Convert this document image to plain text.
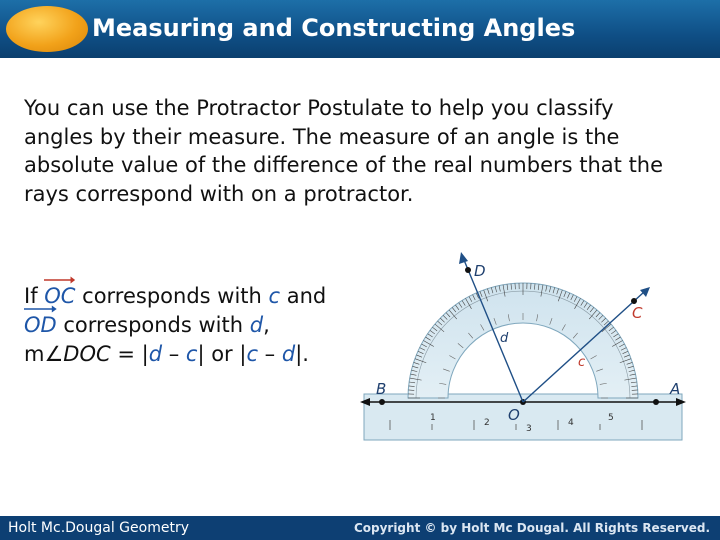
Measuring and Constructing Angles
You can use the Protractor Postulate to help you classify angles by their measure. The measure of an angle is the absolute value of the difference of the real numbers that the rays correspond with on a protractor.
If
OC corresponds with c and

OD corresponds with d,
m∠DOC = |d – c| or |c – d|.
1	2
3
4	5
D
C
B	A
O
d
c
Holt Mc.Dougal Geometry	Copyright © by Holt Mc Dougal. All Rights Reserved.
